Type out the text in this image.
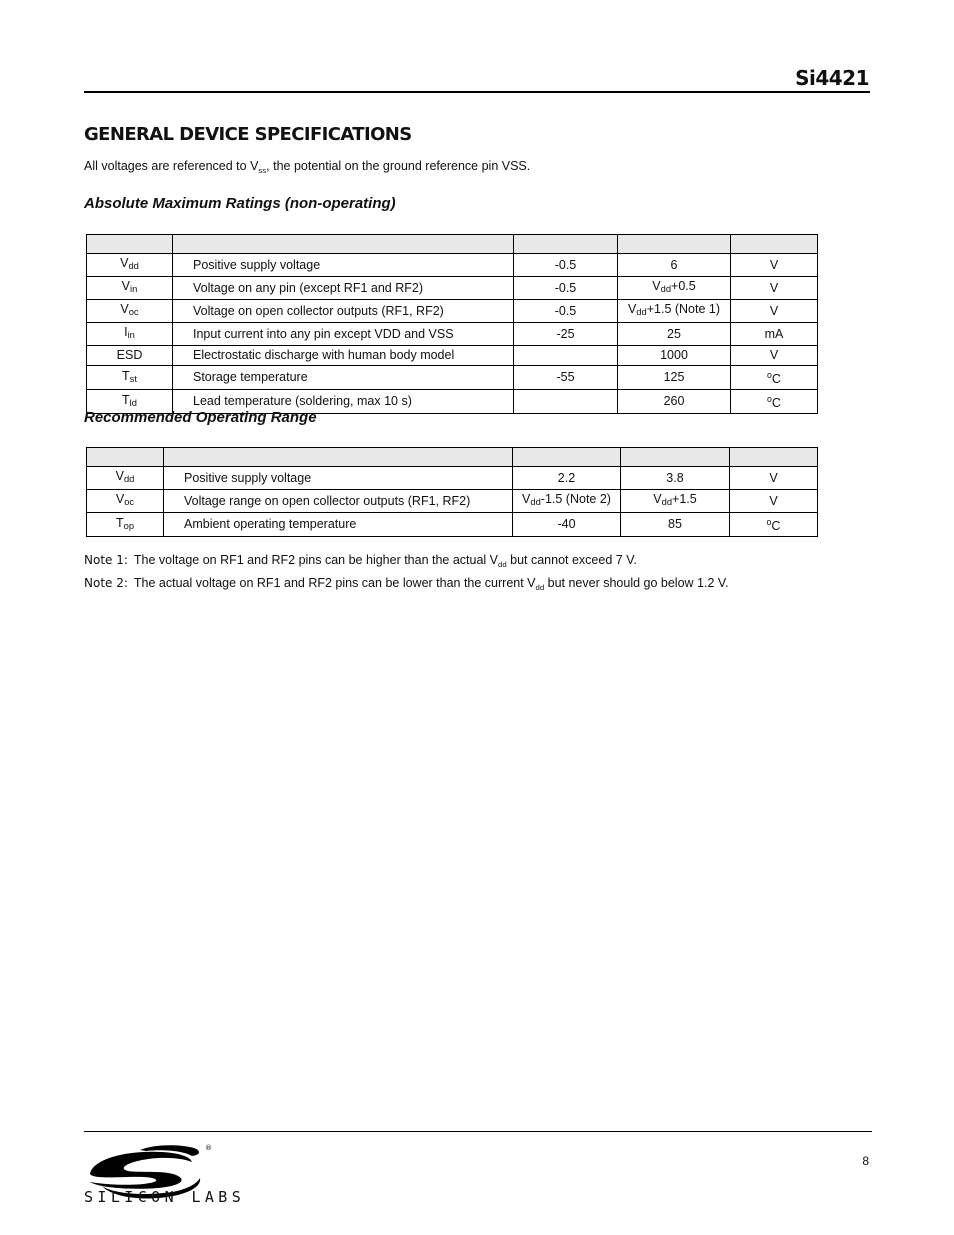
Si4421
GENERAL DEVICE SPECIFICATIONS
All voltages are referenced to $V_{ss}$, the potential on the ground reference pin VSS.
Absolute Maximum Ratings (non-operating)

$V_{dd}$	Positive supply voltage	-0.5	6	V
$V_{in}$	Voltage on any pin (except RF1 and RF2)	-0.5	$V_{dd}+0.5$	V
$V_{oc}$	Voltage on open collector outputs (RF1, RF2)	-0.5	$V_{dd}+1.5$ (Note 1)	V
$I_{in}$	Input current into any pin except VDD and VSS	-25	25	mA
ESD	Electrostatic discharge with human body model		1000	V
$T_{st}$	Storage temperature	-55	125	$^o$C
$T_{ld}$	Lead temperature (soldering, max 10 s)		260	$^o$C
Recommended Operating Range

$V_{dd}$	Positive supply voltage	2.2	3.8	V
$V_{oc}$	Voltage range on open collector outputs (RF1, RF2)	$V_{dd}-1.5$ (Note 2)	$V_{dd}+1.5$	V
$T_{op}$	Ambient operating temperature	-40	85	$^o$C
Note 1: The voltage on RF1 and RF2 pins can be higher than the actual $V_{dd}$ but cannot exceed 7 V.
Note 2: The actual voltage on RF1 and RF2 pins can be lower than the current $V_{dd}$ but never should go below 1.2 V.
®
SILICON LABS
8
